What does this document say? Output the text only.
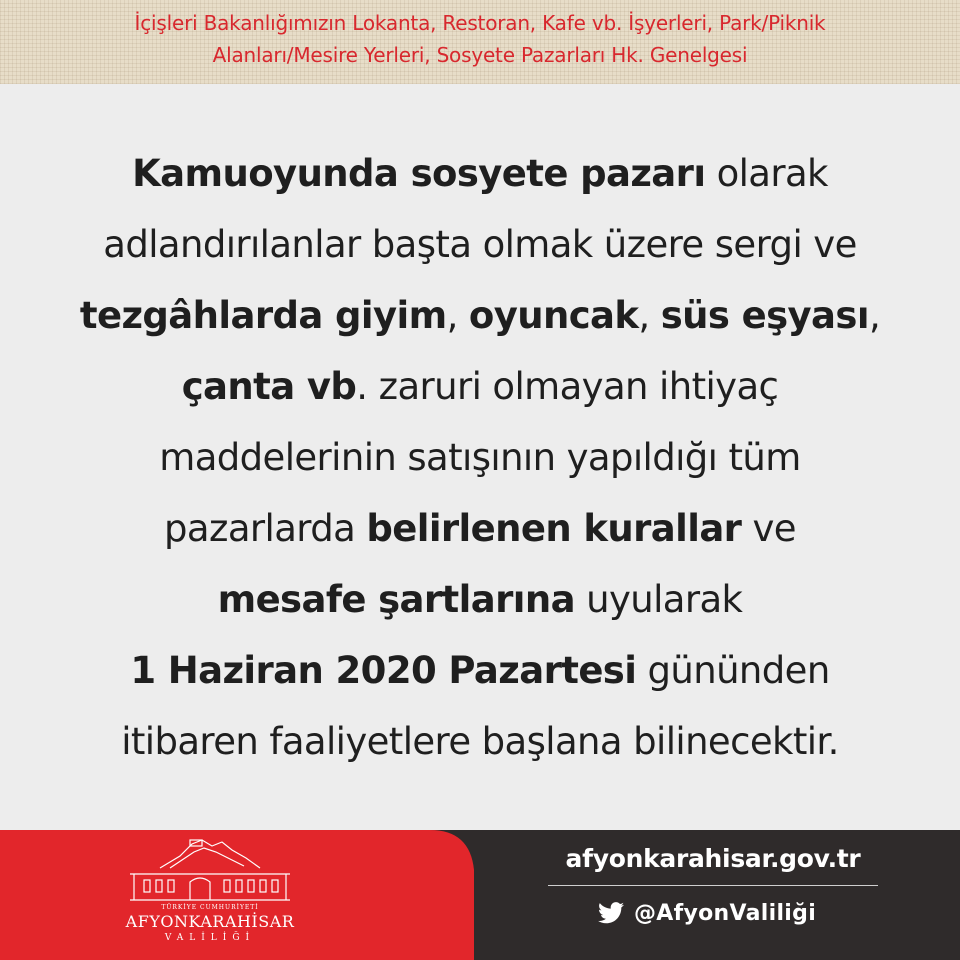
İçişleri Bakanlığımızın Lokanta, Restoran, Kafe vb. İşyerleri, Park/Piknik
Alanları/Mesire Yerleri, Sosyete Pazarları Hk. Genelgesi
Kamuoyunda sosyete pazarı olarak
adlandırılanlar başta olmak üzere sergi ve
tezgâhlarda giyim, oyuncak, süs eşyası,
çanta vb. zaruri olmayan ihtiyaç
maddelerinin satışının yapıldığı tüm
pazarlarda belirlenen kurallar ve
mesafe şartlarına uyularak
1 Haziran 2020 Pazartesi gününden
itibaren faaliyetlere başlana bilinecektir.
TÜRKİYE CUMHURİYETİ
AFYONKARAHİSAR
VALİLİĞİ
afyonkarahisar.gov.tr
@AfyonValiliği
